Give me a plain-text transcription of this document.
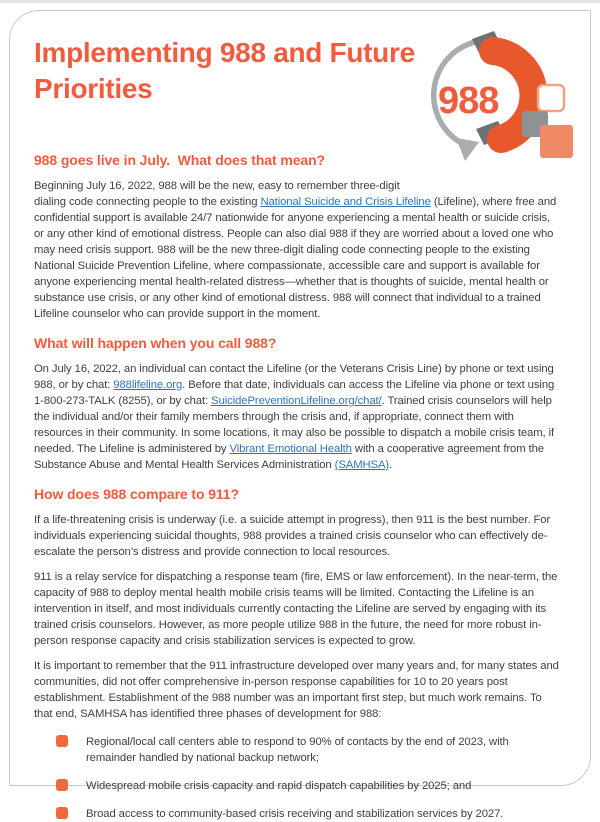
Implementing 988 and Future
Priorities	988
988 goes live in July.  What does that mean?

Beginning July 16, 2022, 988 will be the new, easy to remember three-digit
dialing code connecting people to the existing National Suicide and Crisis Lifeline (Lifeline), where free and confidential support is available 24/7 nationwide for anyone experiencing a mental health or suicide crisis, or any other kind of emotional distress. People can also dial 988 if they are worried about a loved one who may need crisis support. 988 will be the new three-digit dialing code connecting people to the existing National Suicide Prevention Lifeline, where compassionate, accessible care and support is available for anyone experiencing mental health-related distress—whether that is thoughts of suicide, mental health or substance use crisis, or any other kind of emotional distress. 988 will connect that individual to a trained Lifeline counselor who can provide support in the moment.

What will happen when you call 988?

On July 16, 2022, an individual can contact the Lifeline (or the Veterans Crisis Line) by phone or text using 988, or by chat: 988lifeline.org. Before that date, individuals can access the Lifeline via phone or text using 1-800-273-TALK (8255), or by chat: SuicidePreventionLifeline.org/chat/. Trained crisis counselors will help the individual and/or their family members through the crisis and, if appropriate, connect them with resources in their community. In some locations, it may also be possible to dispatch a mobile crisis team, if needed. The Lifeline is administered by Vibrant Emotional Health with a cooperative agreement from the Substance Abuse and Mental Health Services Administration (SAMHSA).

How does 988 compare to 911?

If a life-threatening crisis is underway (i.e. a suicide attempt in progress), then 911 is the best number. For individuals experiencing suicidal thoughts, 988 provides a trained crisis counselor who can effectively de-escalate the person’s distress and provide connection to local resources.

911 is a relay service for dispatching a response team (fire, EMS or law enforcement). In the near-term, the capacity of 988 to deploy mental health mobile crisis teams will be limited. Contacting the Lifeline is an intervention in itself, and most individuals currently contacting the Lifeline are served by engaging with its trained crisis counselors. However, as more people utilize 988 in the future, the need for more robust in-person response capacity and crisis stabilization services is expected to grow.

It is important to remember that the 911 infrastructure developed over many years and, for many states and communities, did not offer comprehensive in-person response capabilities for 10 to 20 years post establishment. Establishment of the 988 number was an important first step, but much work remains. To that end, SAMHSA has identified three phases of development for 988:

Regional/local call centers able to respond to 90% of contacts by the end of 2023, with remainder handled by national backup network;
Widespread mobile crisis capacity and rapid dispatch capabilities by 2025; and
Broad access to community-based crisis receiving and stabilization services by 2027.
